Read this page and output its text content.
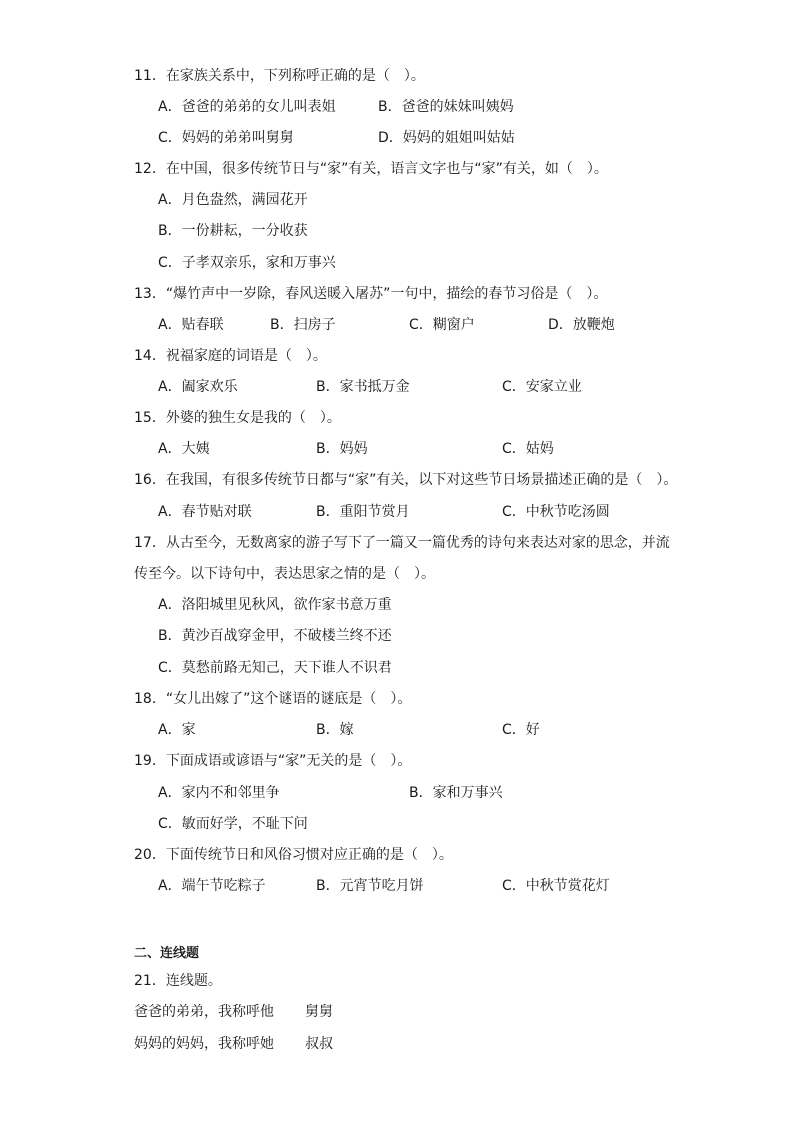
11．在家族关系中，下列称呼正确的是（　）。
A．爸爸的弟弟的女儿叫表姐	B．爸爸的妹妹叫姨妈
C．妈妈的弟弟叫舅舅	D．妈妈的姐姐叫姑姑
12．在中国，很多传统节日与“家”有关，语言文字也与“家”有关，如（　）。
A．月色盎然，满园花开
B．一份耕耘，一分收获
C．子孝双亲乐，家和万事兴
13．“爆竹声中一岁除，春风送暖入屠苏”一句中，描绘的春节习俗是（　）。
A．贴春联	B．扫房子	C．糊窗户	D．放鞭炮
14．祝福家庭的词语是（　）。
A．阖家欢乐	B．家书抵万金	C．安家立业
15．外婆的独生女是我的（　）。
A．大姨	B．妈妈	C．姑妈
16．在我国，有很多传统节日都与“家”有关，以下对这些节日场景描述正确的是（　）。
A．春节贴对联	B．重阳节赏月	C．中秋节吃汤圆
17．从古至今，无数离家的游子写下了一篇又一篇优秀的诗句来表达对家的思念，并流
传至今。以下诗句中，表达思家之情的是（　）。
A．洛阳城里见秋风，欲作家书意万重
B．黄沙百战穿金甲，不破楼兰终不还
C．莫愁前路无知己，天下谁人不识君
18．“女儿出嫁了”这个谜语的谜底是（　）。
A．家	B．嫁	C．好
19．下面成语或谚语与“家”无关的是（　）。
A．家内不和邻里争	B．家和万事兴
C．敏而好学，不耻下问
20．下面传统节日和风俗习惯对应正确的是（　）。
A．端午节吃粽子	B．元宵节吃月饼	C．中秋节赏花灯
二、连线题
21．连线题。
爸爸的弟弟，我称呼他 舅舅
妈妈的妈妈，我称呼她 叔叔
